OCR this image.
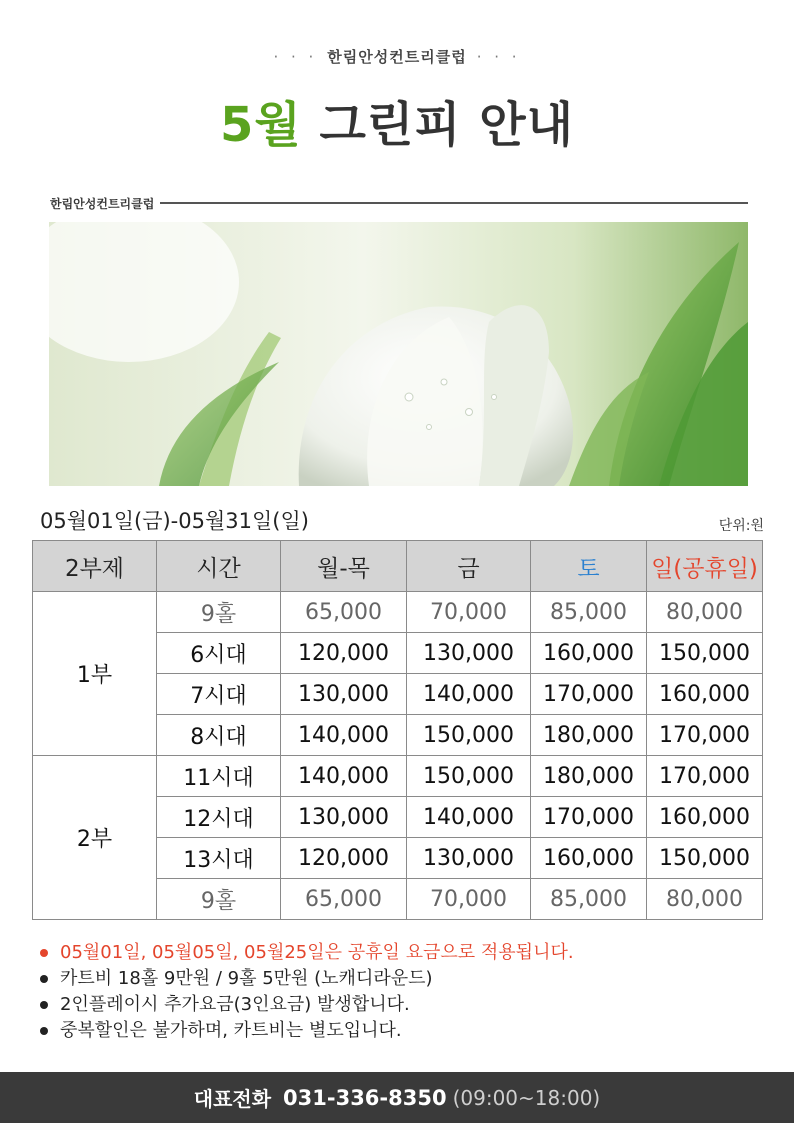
· · · 한림안성컨트리클럽 · · ·
5월 그린피 안내
한림안성컨트리클럽
05월01일(금)-05월31일(일)	단위:원
2부제	시간	월-목	금	토	일(공휴일)
1부	9홀	65,000	70,000	85,000	80,000
	6시대	120,000	130,000	160,000	150,000
	7시대	130,000	140,000	170,000	160,000
	8시대	140,000	150,000	180,000	170,000
2부	11시대	140,000	150,000	180,000	170,000
	12시대	130,000	140,000	170,000	160,000
	13시대	120,000	130,000	160,000	150,000
	9홀	65,000	70,000	85,000	80,000
05월01일, 05월05일, 05월25일은 공휴일 요금으로 적용됩니다.
카트비 18홀 9만원 / 9홀 5만원 (노캐디라운드)
2인플레이시 추가요금(3인요금) 발생합니다.
중복할인은 불가하며, 카트비는 별도입니다.
대표전화 031-336-8350 (09:00~18:00)
